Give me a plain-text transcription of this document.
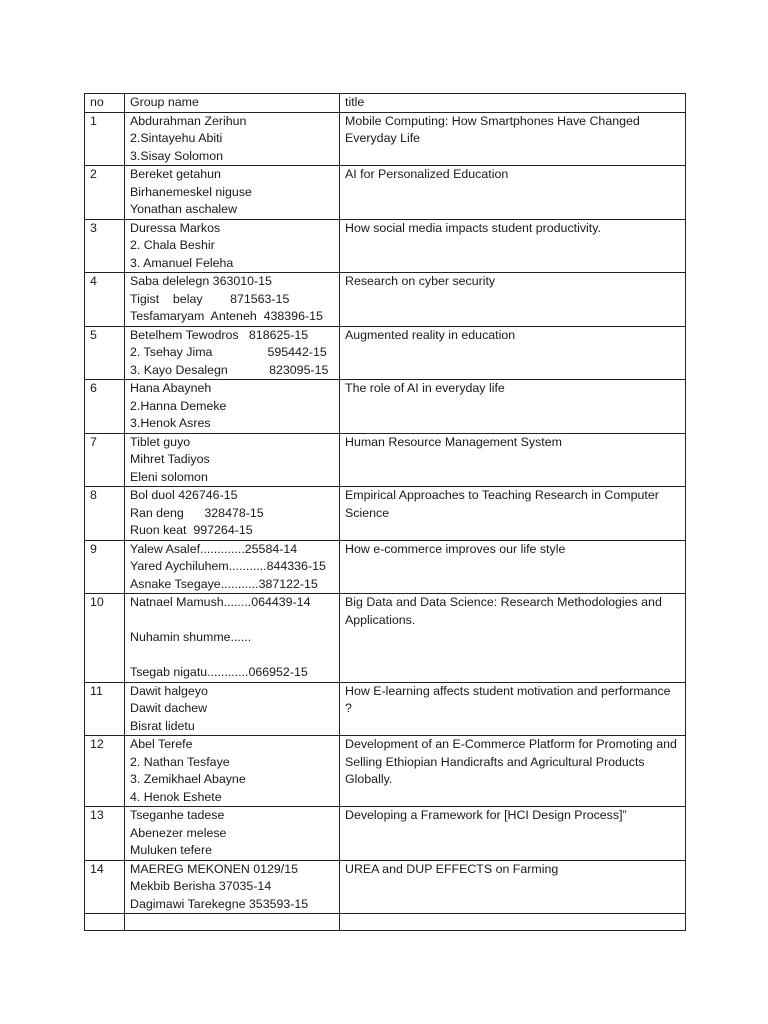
no	Group name	title
1	Abdurahman Zerihun
2.Sintayehu Abiti
3.Sisay Solomon	Mobile Computing: How Smartphones Have Changed Everyday Life
2	Bereket getahun
Birhanemeskel niguse
Yonathan aschalew	AI for Personalized Education
3	Duressa Markos
2. Chala Beshir
3. Amanuel Feleha	How social media impacts student productivity.
4	Saba delelegn 363010-15
Tigist    belay        871563-15
Tesfamaryam  Anteneh  438396-15	Research on cyber security
5	Betelhem Tewodros   818625-15
2. Tsehay Jima                595442-15
3. Kayo Desalegn            823095-15	Augmented reality in education
6	Hana Abayneh
2.Hanna Demeke
3.Henok Asres	The role of AI in everyday life
7	Tiblet guyo
Mihret Tadiyos
Eleni solomon	Human Resource Management System
8	Bol duol 426746-15
Ran deng      328478-15
Ruon keat  997264-15	Empirical Approaches to Teaching Research in Computer Science
9	Yalew Asalef.............25584-14
Yared Aychiluhem...........844336-15
Asnake Tsegaye...........387122-15	How e-commerce improves our life style
10	Natnael Mamush........064439-14
Nuhamin shumme......
Tsegab nigatu............066952-15	Big Data and Data Science: Research Methodologies and Applications.
11	Dawit halgeyo
Dawit dachew
Bisrat lidetu	How E-learning affects student motivation and performance ?
12	Abel Terefe
2. Nathan Tesfaye
3. Zemikhael Abayne
4. Henok Eshete	Development of an E-Commerce Platform for Promoting and Selling Ethiopian Handicrafts and Agricultural Products Globally.
13	Tseganhe tadese
Abenezer melese
Muluken tefere	Developing a Framework for [HCI Design Process]”
14	MAEREG MEKONEN 0129/15
Mekbib Berisha 37035-14
Dagimawi Tarekegne 353593-15	UREA and DUP EFFECTS on Farming
